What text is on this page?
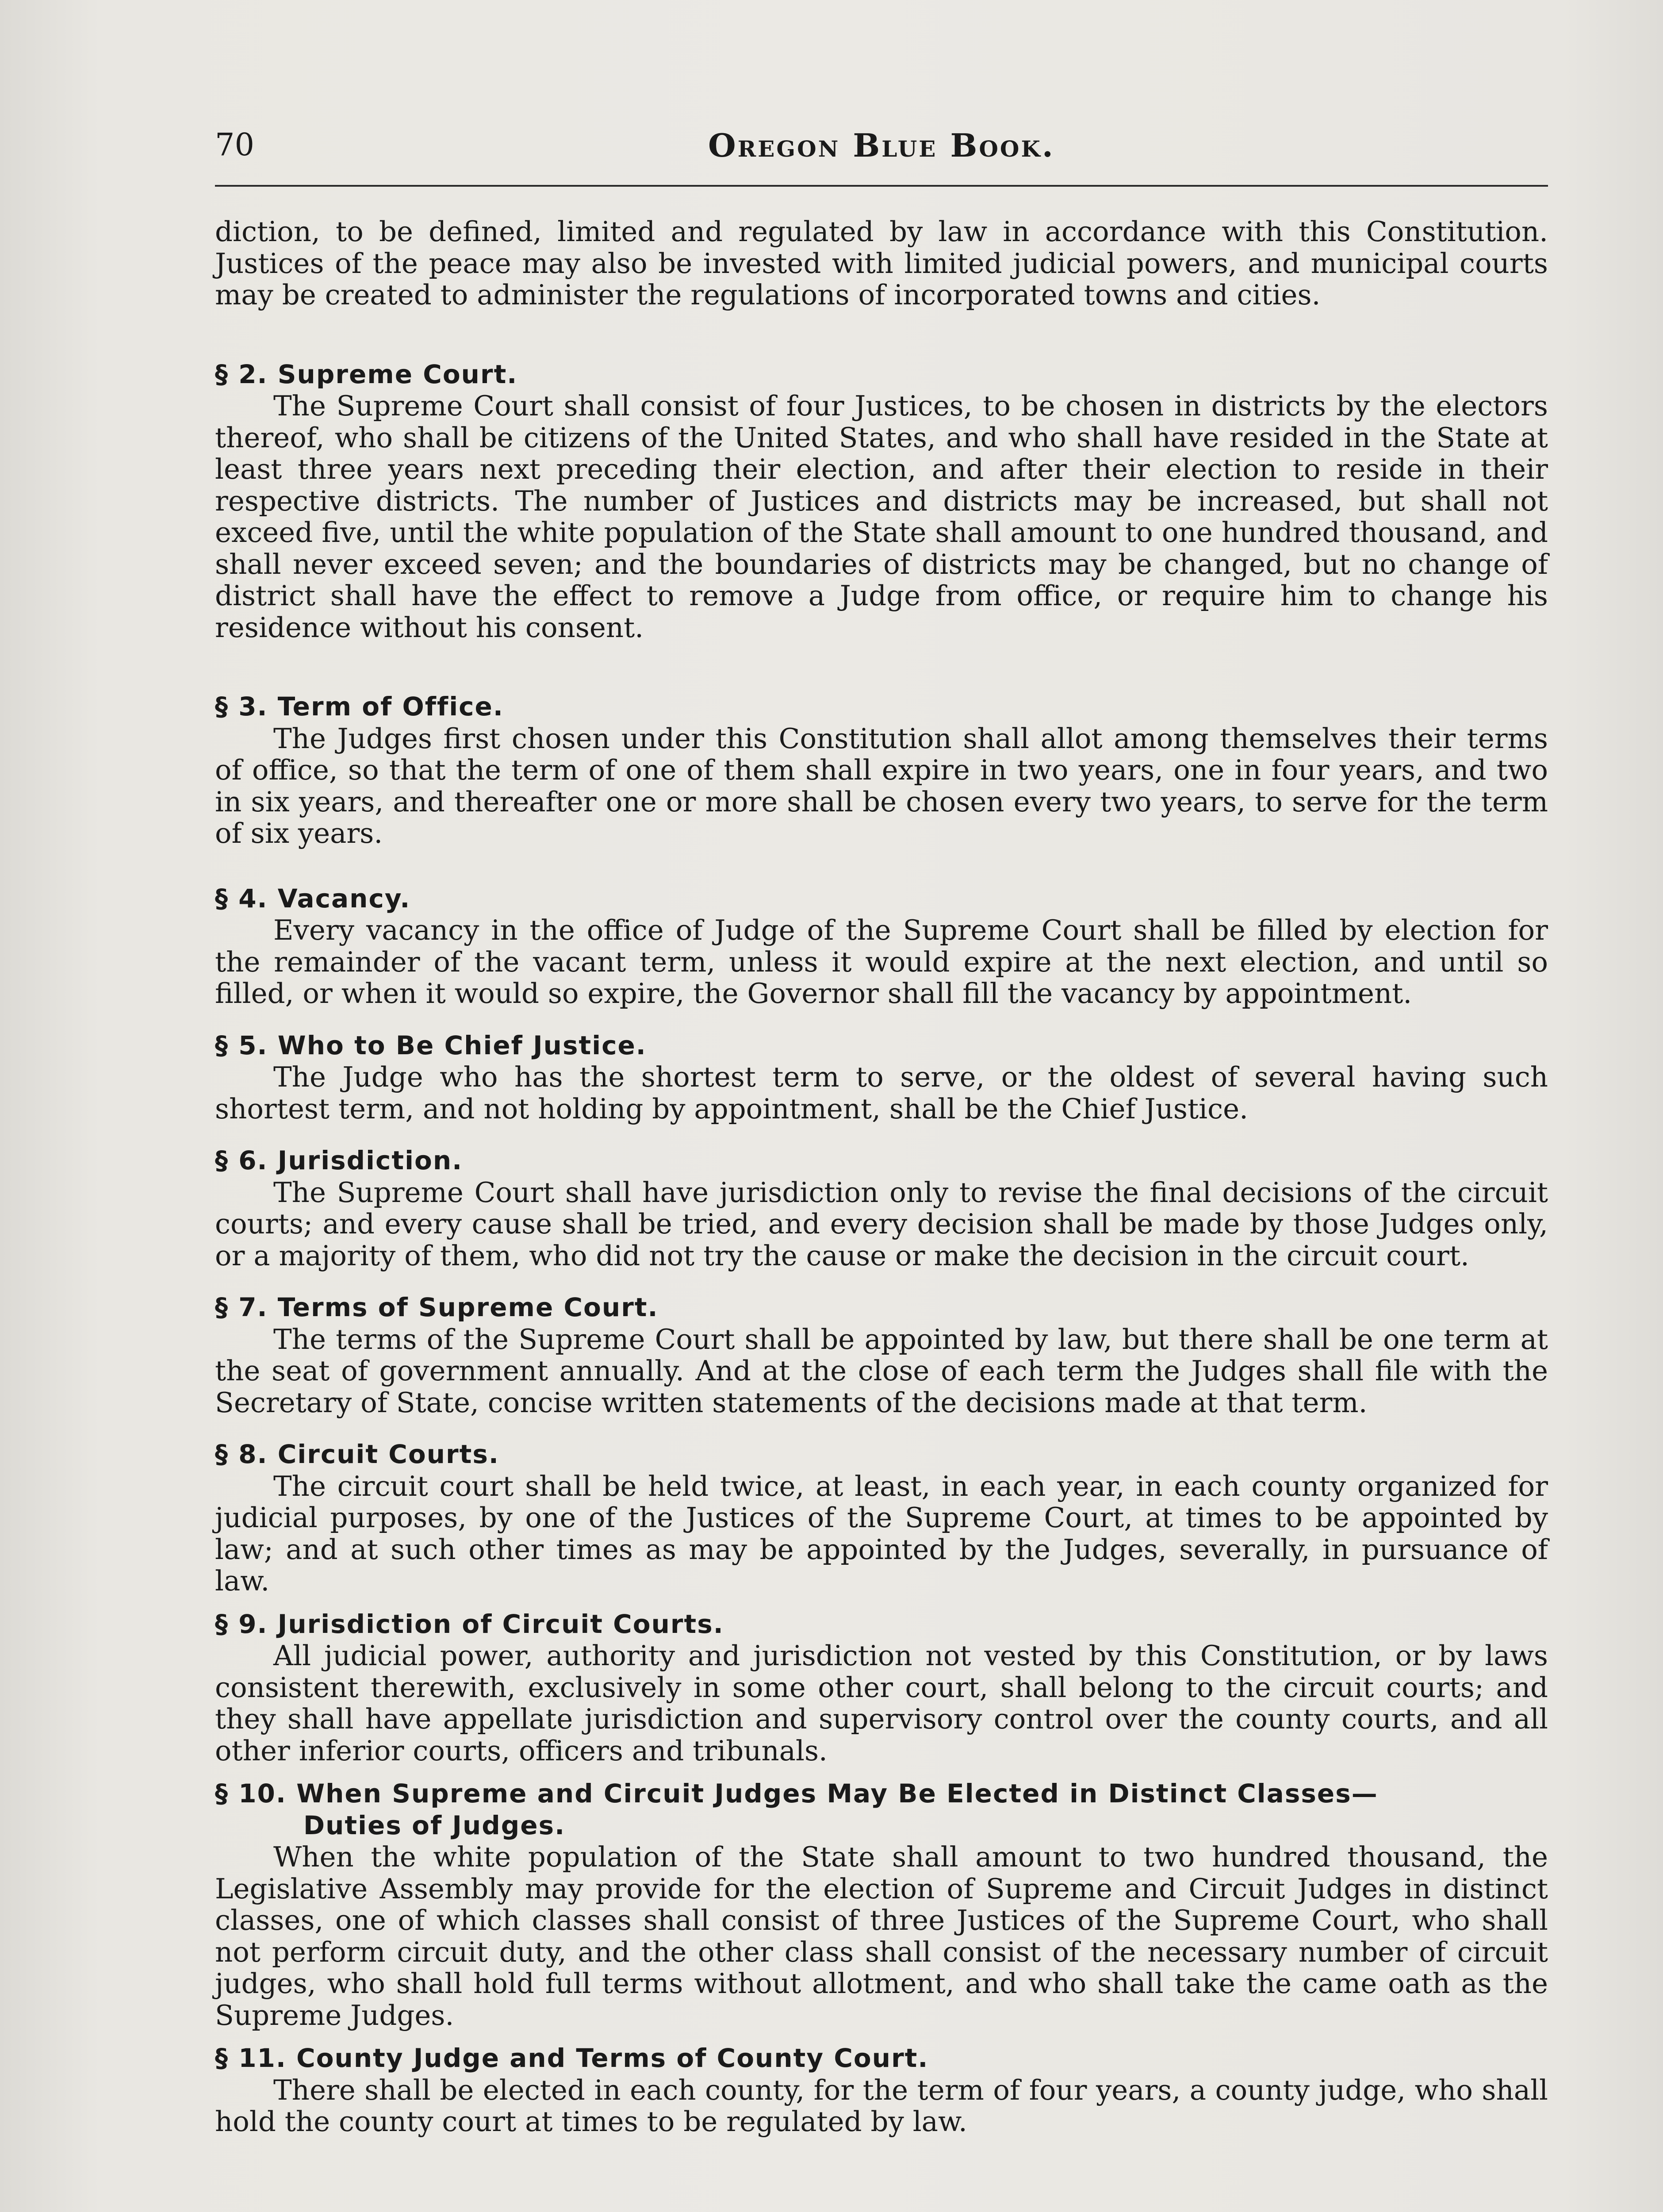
70	Oregon Blue Book.

diction, to be defined, limited and regulated by law in accordance with this Constitution. Justices of the peace may also be invested with limited judicial powers, and municipal courts may be created to administer the regulations of incorporated towns and cities.

§ 2. Supreme Court.

The Supreme Court shall consist of four Justices, to be chosen in districts by the electors thereof, who shall be citizens of the United States, and who shall have resided in the State at least three years next preceding their election, and after their election to reside in their respective districts. The number of Justices and districts may be increased, but shall not exceed five, until the white population of the State shall amount to one hundred thousand, and shall never exceed seven; and the boundaries of districts may be changed, but no change of district shall have the effect to remove a Judge from office, or require him to change his residence without his consent.

§ 3. Term of Office.

The Judges first chosen under this Constitution shall allot among themselves their terms of office, so that the term of one of them shall expire in two years, one in four years, and two in six years, and thereafter one or more shall be chosen every two years, to serve for the term of six years.

§ 4. Vacancy.

Every vacancy in the office of Judge of the Supreme Court shall be filled by election for the remainder of the vacant term, unless it would expire at the next election, and until so filled, or when it would so expire, the Governor shall fill the vacancy by appointment.

§ 5. Who to Be Chief Justice.

The Judge who has the shortest term to serve, or the oldest of several having such shortest term, and not holding by appointment, shall be the Chief Justice.

§ 6. Jurisdiction.

The Supreme Court shall have jurisdiction only to revise the final decisions of the circuit courts; and every cause shall be tried, and every decision shall be made by those Judges only, or a majority of them, who did not try the cause or make the decision in the circuit court.

§ 7. Terms of Supreme Court.

The terms of the Supreme Court shall be appointed by law, but there shall be one term at the seat of government annually. And at the close of each term the Judges shall file with the Secretary of State, concise written statements of the decisions made at that term.

§ 8. Circuit Courts.

The circuit court shall be held twice, at least, in each year, in each county organized for judicial purposes, by one of the Justices of the Supreme Court, at times to be appointed by law; and at such other times as may be appointed by the Judges, severally, in pursuance of law.

§ 9. Jurisdiction of Circuit Courts.

All judicial power, authority and jurisdiction not vested by this Constitution, or by laws consistent therewith, exclusively in some other court, shall belong to the circuit courts; and they shall have appellate jurisdiction and supervisory control over the county courts, and all other inferior courts, officers and tribunals.

§ 10. When Supreme and Circuit Judges May Be Elected in Distinct Classes—
Duties of Judges.

When the white population of the State shall amount to two hundred thousand, the Legislative Assembly may provide for the election of Supreme and Circuit Judges in distinct classes, one of which classes shall consist of three Justices of the Supreme Court, who shall not perform circuit duty, and the other class shall consist of the necessary number of circuit judges, who shall hold full terms without allotment, and who shall take the came oath as the Supreme Judges.

§ 11. County Judge and Terms of County Court.

There shall be elected in each county, for the term of four years, a county judge, who shall hold the county court at times to be regulated by law.
